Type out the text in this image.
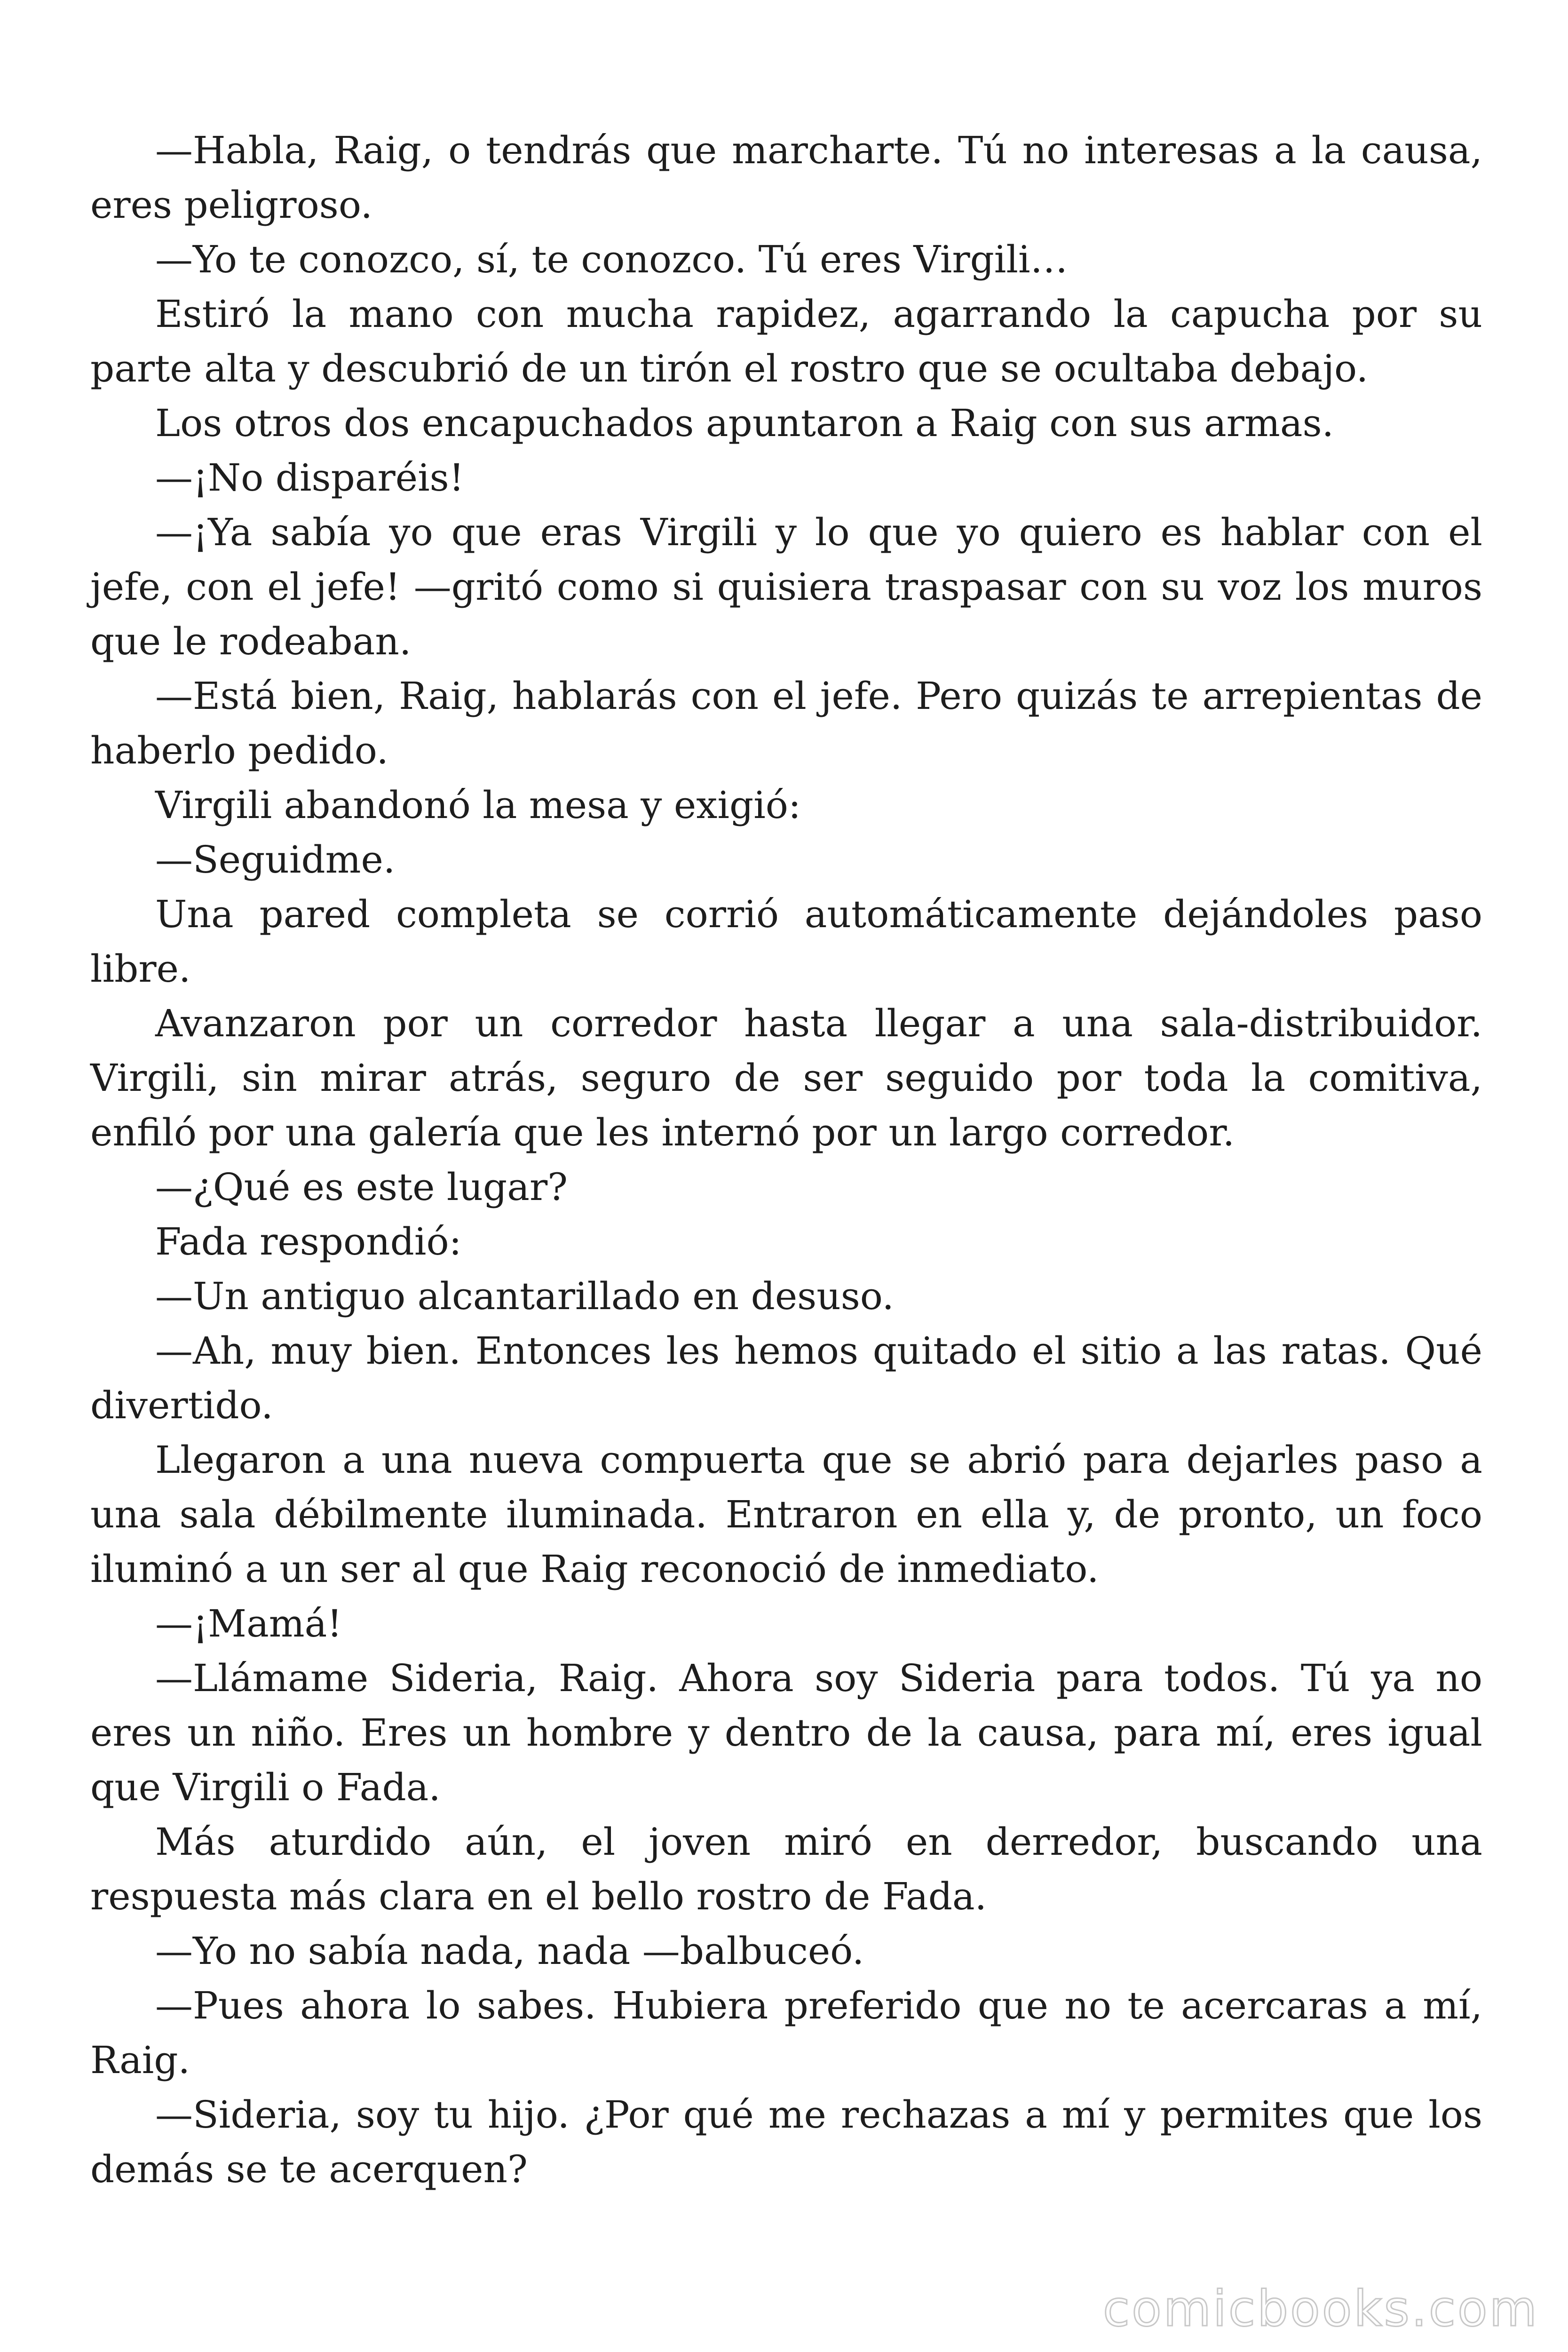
—Habla, Raig, o tendrás que marcharte. Tú no interesas a la causa, eres peligroso.

—Yo te conozco, sí, te conozco. Tú eres Virgili…

Estiró la mano con mucha rapidez, agarrando la capucha por su parte alta y descubrió de un tirón el rostro que se ocultaba debajo.

Los otros dos encapuchados apuntaron a Raig con sus armas.

—¡No disparéis!

—¡Ya sabía yo que eras Virgili y lo que yo quiero es hablar con el jefe, con el jefe! —gritó como si quisiera traspasar con su voz los muros que le rodeaban.

—Está bien, Raig, hablarás con el jefe. Pero quizás te arrepientas de haberlo pedido.

Virgili abandonó la mesa y exigió:

—Seguidme.

Una pared completa se corrió automáticamente dejándoles paso libre.

Avanzaron por un corredor hasta llegar a una sala-distribuidor. Virgili, sin mirar atrás, seguro de ser seguido por toda la comitiva, enfiló por una galería que les internó por un largo corredor.

—¿Qué es este lugar?

Fada respondió:

—Un antiguo alcantarillado en desuso.

—Ah, muy bien. Entonces les hemos quitado el sitio a las ratas. Qué divertido.

Llegaron a una nueva compuerta que se abrió para dejarles paso a una sala débilmente iluminada. Entraron en ella y, de pronto, un foco iluminó a un ser al que Raig reconoció de inmediato.

—¡Mamá!

—Llámame Sideria, Raig. Ahora soy Sideria para todos. Tú ya no eres un niño. Eres un hombre y dentro de la causa, para mí, eres igual que Virgili o Fada.

Más aturdido aún, el joven miró en derredor, buscando una respuesta más clara en el bello rostro de Fada.

—Yo no sabía nada, nada —balbuceó.

—Pues ahora lo sabes. Hubiera preferido que no te acercaras a mí, Raig.

—Sideria, soy tu hijo. ¿Por qué me rechazas a mí y permites que los demás se te acerquen?

comicbooks.com
